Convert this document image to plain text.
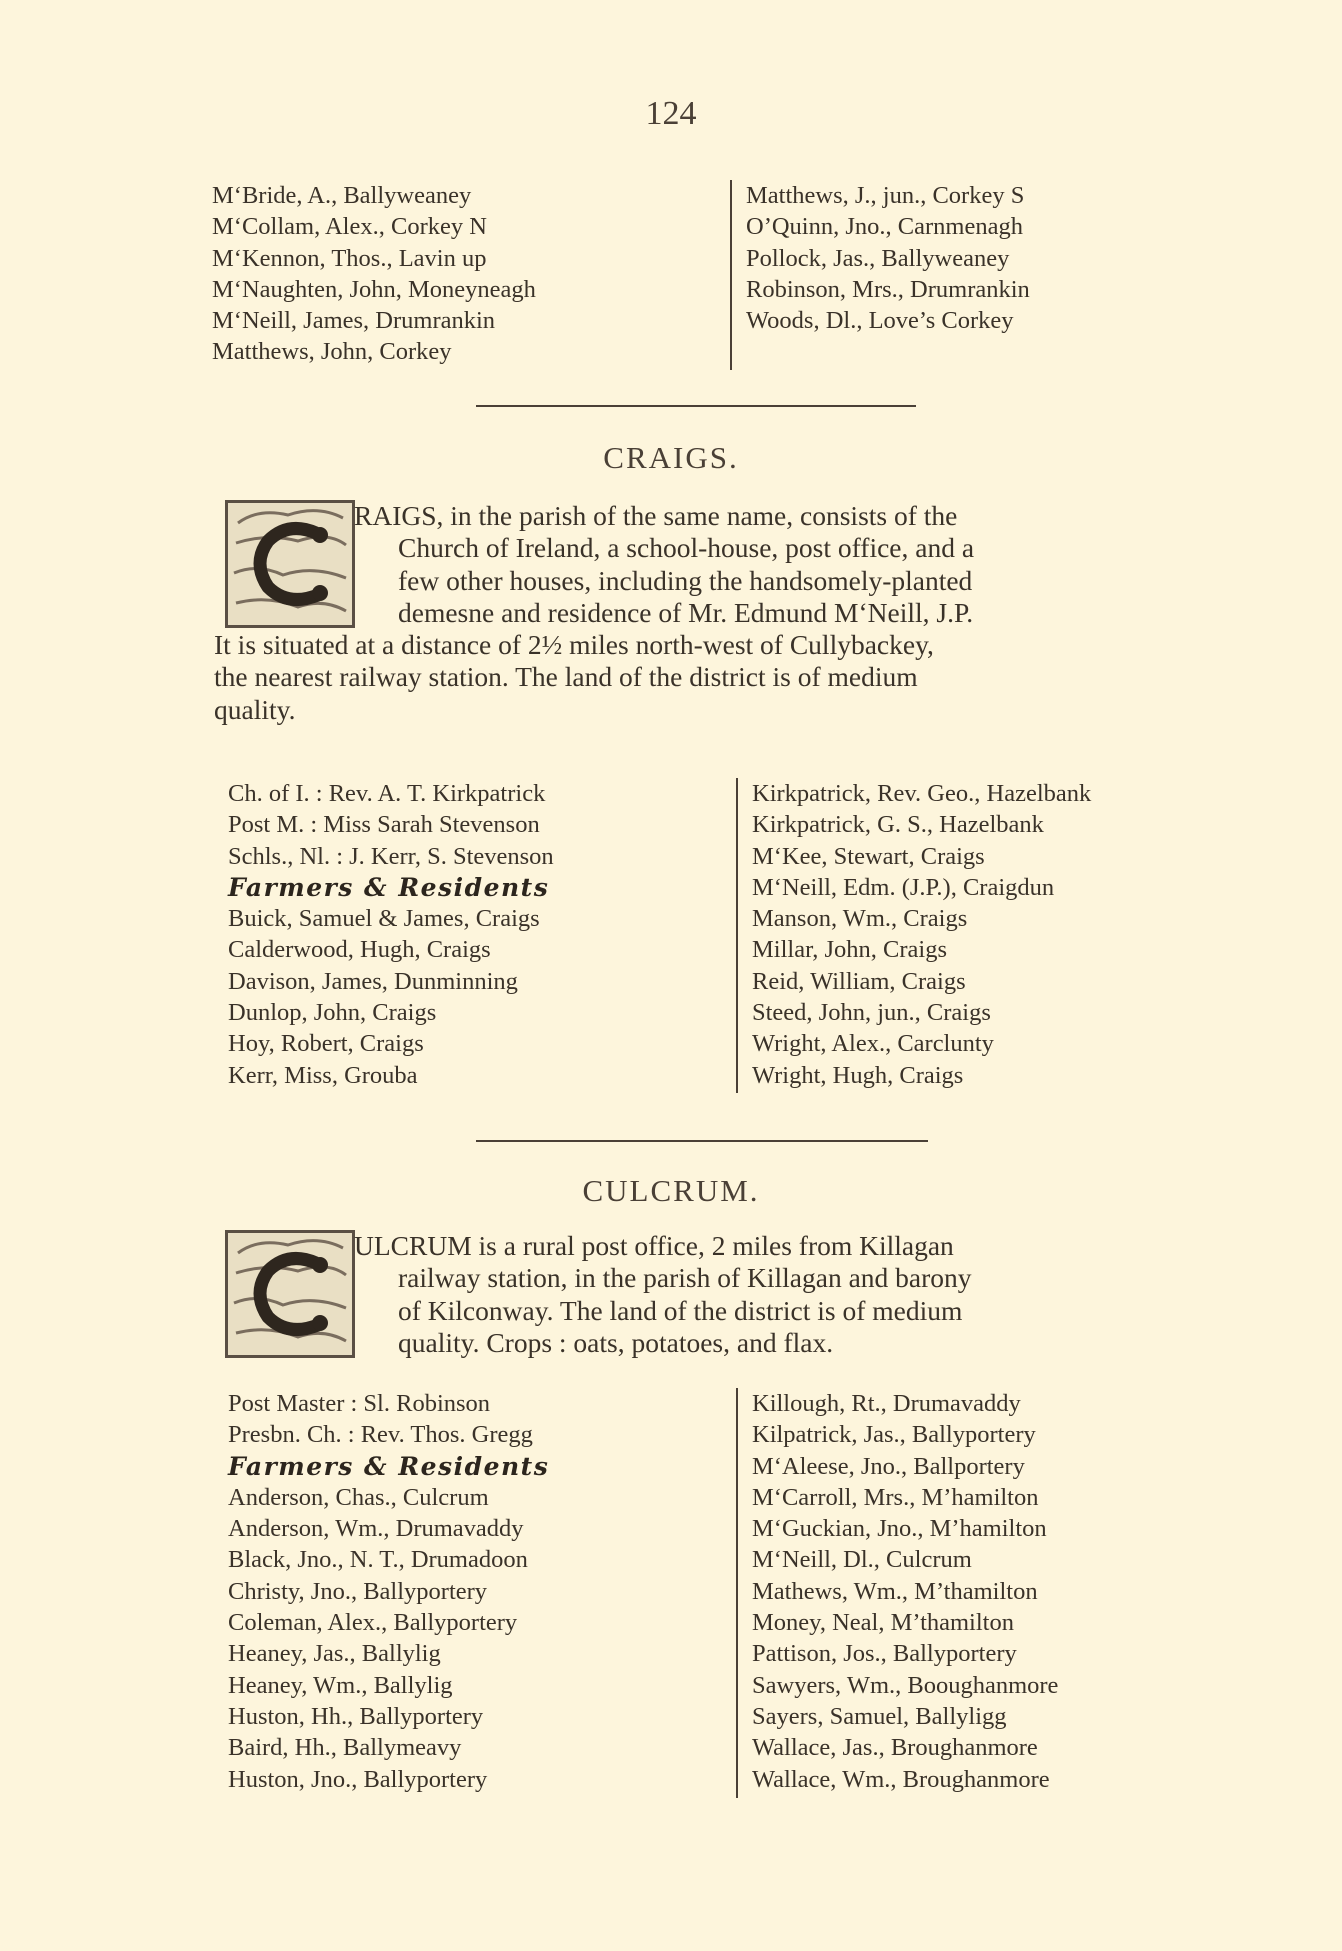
124
M‘Bride, A., Ballyweaney
M‘Collam, Alex., Corkey N
M‘Kennon, Thos., Lavin up
M‘Naughten, John, Moneyneagh
M‘Neill, James, Drumrankin
Matthews, John, Corkey
Matthews, J., jun., Corkey S
O’Quinn, Jno., Carnmenagh
Pollock, Jas., Ballyweaney
Robinson, Mrs., Drumrankin
Woods, Dl., Love’s Corkey
CRAIGS.
RAIGS, in the parish of the same name, consists of the
Church of Ireland, a school-house, post office, and a
few other houses, including the handsomely-planted
demesne and residence of Mr. Edmund M‘Neill, J.P.
It is situated at a distance of 2½ miles north-west of Cullybackey,
the nearest railway station. The land of the district is of medium
quality.
Ch. of I. : Rev. A. T. Kirkpatrick
Post M. : Miss Sarah Stevenson
Schls., Nl. : J. Kerr, S. Stevenson
Farmers & Residents
Buick, Samuel & James, Craigs
Calderwood, Hugh, Craigs
Davison, James, Dunminning
Dunlop, John, Craigs
Hoy, Robert, Craigs
Kerr, Miss, Grouba
Kirkpatrick, Rev. Geo., Hazelbank
Kirkpatrick, G. S., Hazelbank
M‘Kee, Stewart, Craigs
M‘Neill, Edm. (J.P.), Craigdun
Manson, Wm., Craigs
Millar, John, Craigs
Reid, William, Craigs
Steed, John, jun., Craigs
Wright, Alex., Carclunty
Wright, Hugh, Craigs
CULCRUM.
ULCRUM is a rural post office, 2 miles from Killagan
railway station, in the parish of Killagan and barony
of Kilconway. The land of the district is of medium
quality. Crops : oats, potatoes, and flax.
Post Master : Sl. Robinson
Presbn. Ch. : Rev. Thos. Gregg
Farmers & Residents
Anderson, Chas., Culcrum
Anderson, Wm., Drumavaddy
Black, Jno., N. T., Drumadoon
Christy, Jno., Ballyportery
Coleman, Alex., Ballyportery
Heaney, Jas., Ballylig
Heaney, Wm., Ballylig
Huston, Hh., Ballyportery
Baird, Hh., Ballymeavy
Huston, Jno., Ballyportery
Killough, Rt., Drumavaddy
Kilpatrick, Jas., Ballyportery
M‘Aleese, Jno., Ballportery
M‘Carroll, Mrs., M’hamilton
M‘Guckian, Jno., M’hamilton
M‘Neill, Dl., Culcrum
Mathews, Wm., M’thamilton
Money, Neal, M’thamilton
Pattison, Jos., Ballyportery
Sawyers, Wm., Booughanmore
Sayers, Samuel, Ballyligg
Wallace, Jas., Broughanmore
Wallace, Wm., Broughanmore
